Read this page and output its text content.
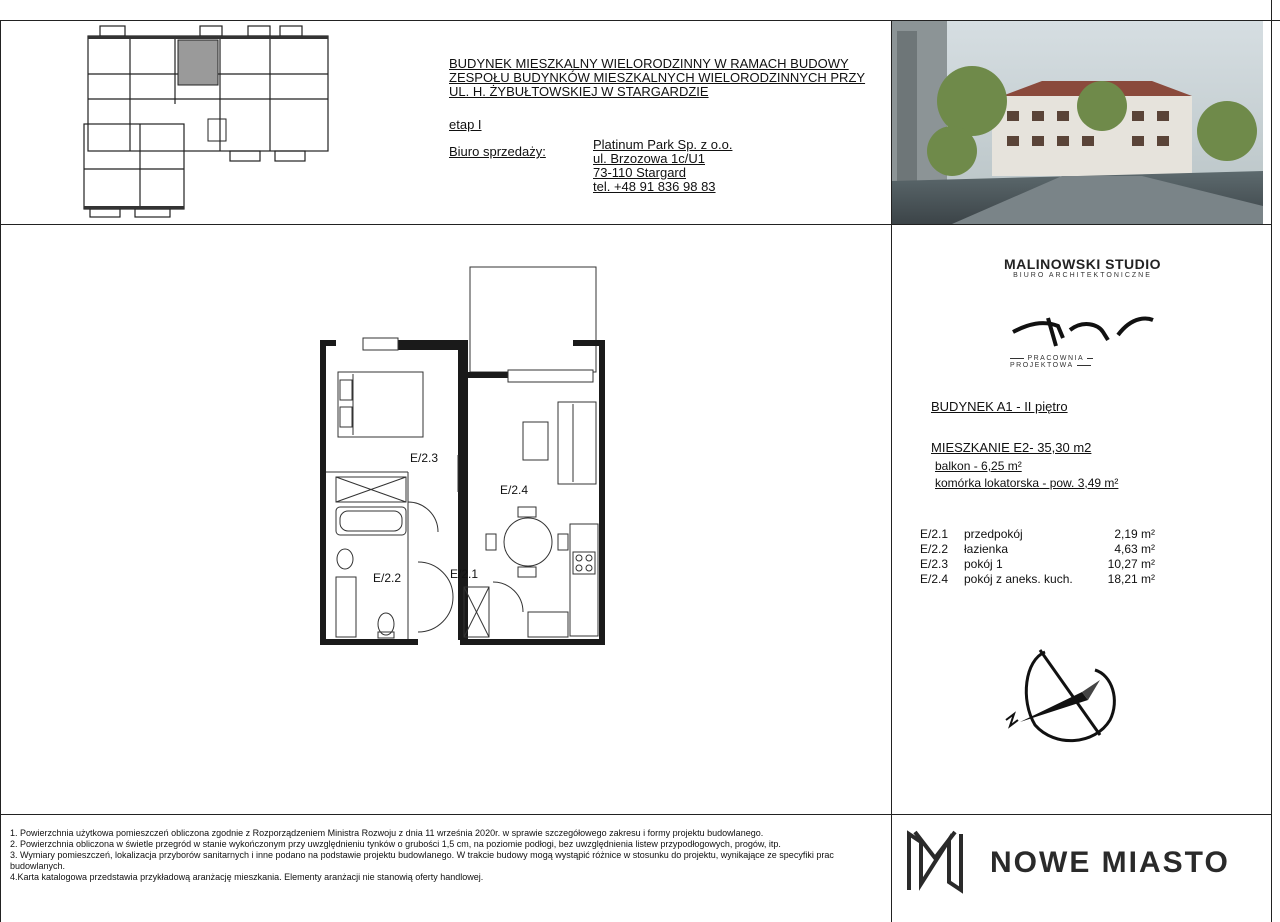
BUDYNEK MIESZKALNY WIELORODZINNY W RAMACH BUDOWY
ZESPOŁU BUDYNKÓW MIESZKALNYCH WIELORODZINNYCH PRZY
UL. H. ŻYBUŁTOWSKIEJ W STARGARDZIE
etap I
Biuro sprzedaży:	Platinum Park Sp. z o.o.
ul. Brzozowa 1c/U1
73-110 Stargard
tel. +48 91 836 98 83
E/2.3
E/2.4
E/2.2	E/2.1
MALINOWSKI STUDIO
BIURO ARCHITEKTONICZNE
PRACOWNIA  PROJEKTOWA
BUDYNEK A1 - II piętro
MIESZKANIE E2- 35,30 m2
balkon - 6,25 m²
komórka lokatorska - pow. 3,49 m²
E/2.1 przedpokój	2,19 m²
E/2.2 łazienka	4,63 m²
E/2.3 pokój 1	10,27 m²
E/2.4 pokój z aneks. kuch.	18,21 m²

1. Powierzchnia użytkowa pomieszczeń obliczona zgodnie z Rozporządzeniem Ministra Rozwoju z dnia 11 września 2020r. w sprawie szczegółowego zakresu i formy projektu budowlanego.

2. Powierzchnia obliczona w świetle przegród w stanie wykończonym przy uwzględnieniu tynków o grubości 1,5 cm, na poziomie podłogi, bez uwzględnienia listew przypodłogowych, progów, itp.

3. Wymiary pomieszczeń, lokalizacja przyborów sanitarnych i inne podano na podstawie projektu budowlanego. W trakcie budowy mogą wystąpić różnice w stosunku do projektu, wynikające ze specyfiki prac budowlanych.

4.Karta katalogowa przedstawia przykładową aranżację mieszkania. Elementy aranżacji nie stanowią oferty handlowej.	NOWE MIASTO
